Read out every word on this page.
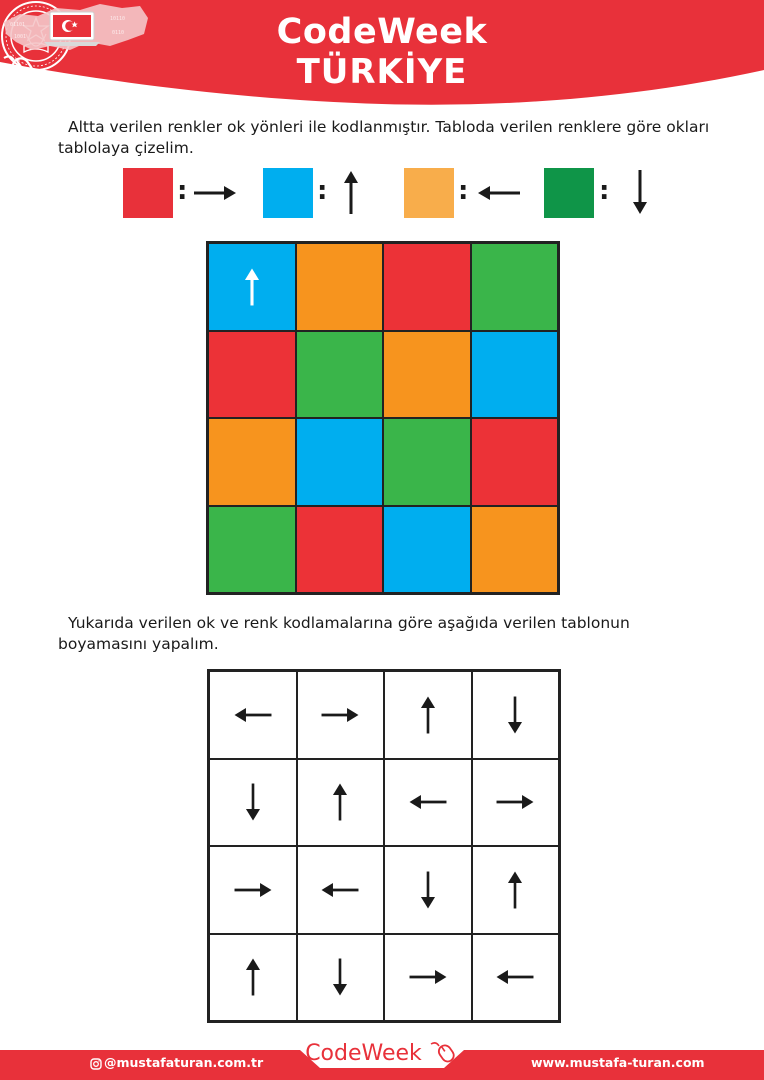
CodeWeek
TÜRKİYE
01101
10110
1001
0110
Altta verilen renkler ok yönleri ile kodlanmıştır. Tabloda verilen renklere göre okları tablolaya çizelim.
:	:	:	:
Yukarıda verilen ok ve renk kodlamalarına göre aşağıda verilen tablonun boyamasını yapalım.
@mustafaturan.com.tr	CodeWeek	www.mustafa-turan.com
